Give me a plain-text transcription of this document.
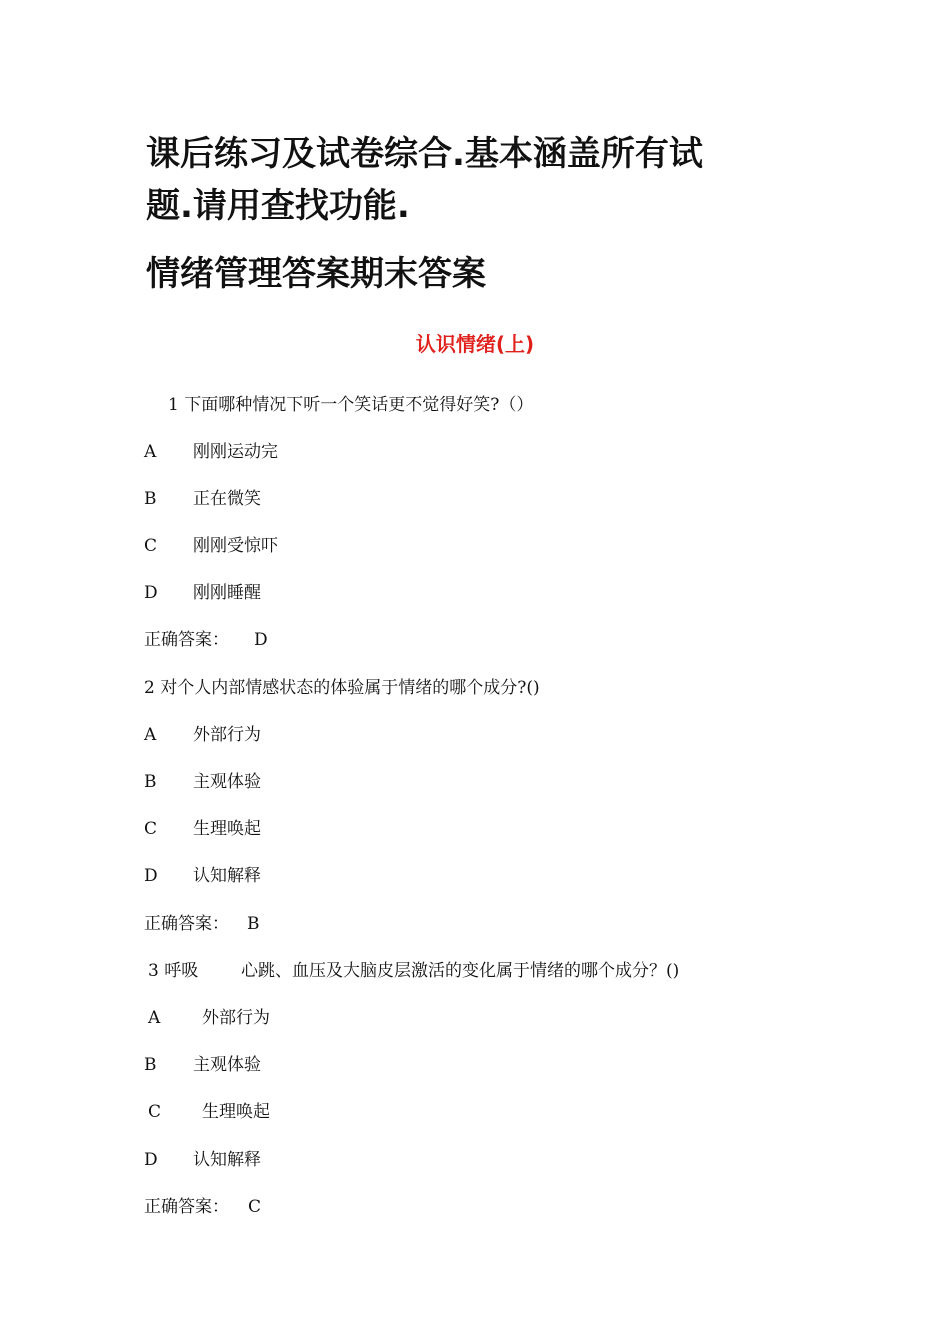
课后练习及试卷综合.基本涵盖所有试
题.请用查找功能.
情绪管理答案期末答案
认识情绪(上)
1 下面哪种情况下听一个笑话更不觉得好笑?（）
A 刚刚运动完
B 正在微笑
C 刚刚受惊吓
D 刚刚睡醒
正确答案： D
2 对个人内部情感状态的体验属于情绪的哪个成分?()
A 外部行为
B 主观体验
C 生理唤起
D 认知解释
正确答案： B
3 呼吸	心跳、血压及大脑皮层激活的变化属于情绪的哪个成分？()
A 外部行为
B 主观体验
C 生理唤起
D 认知解释
正确答案： C
